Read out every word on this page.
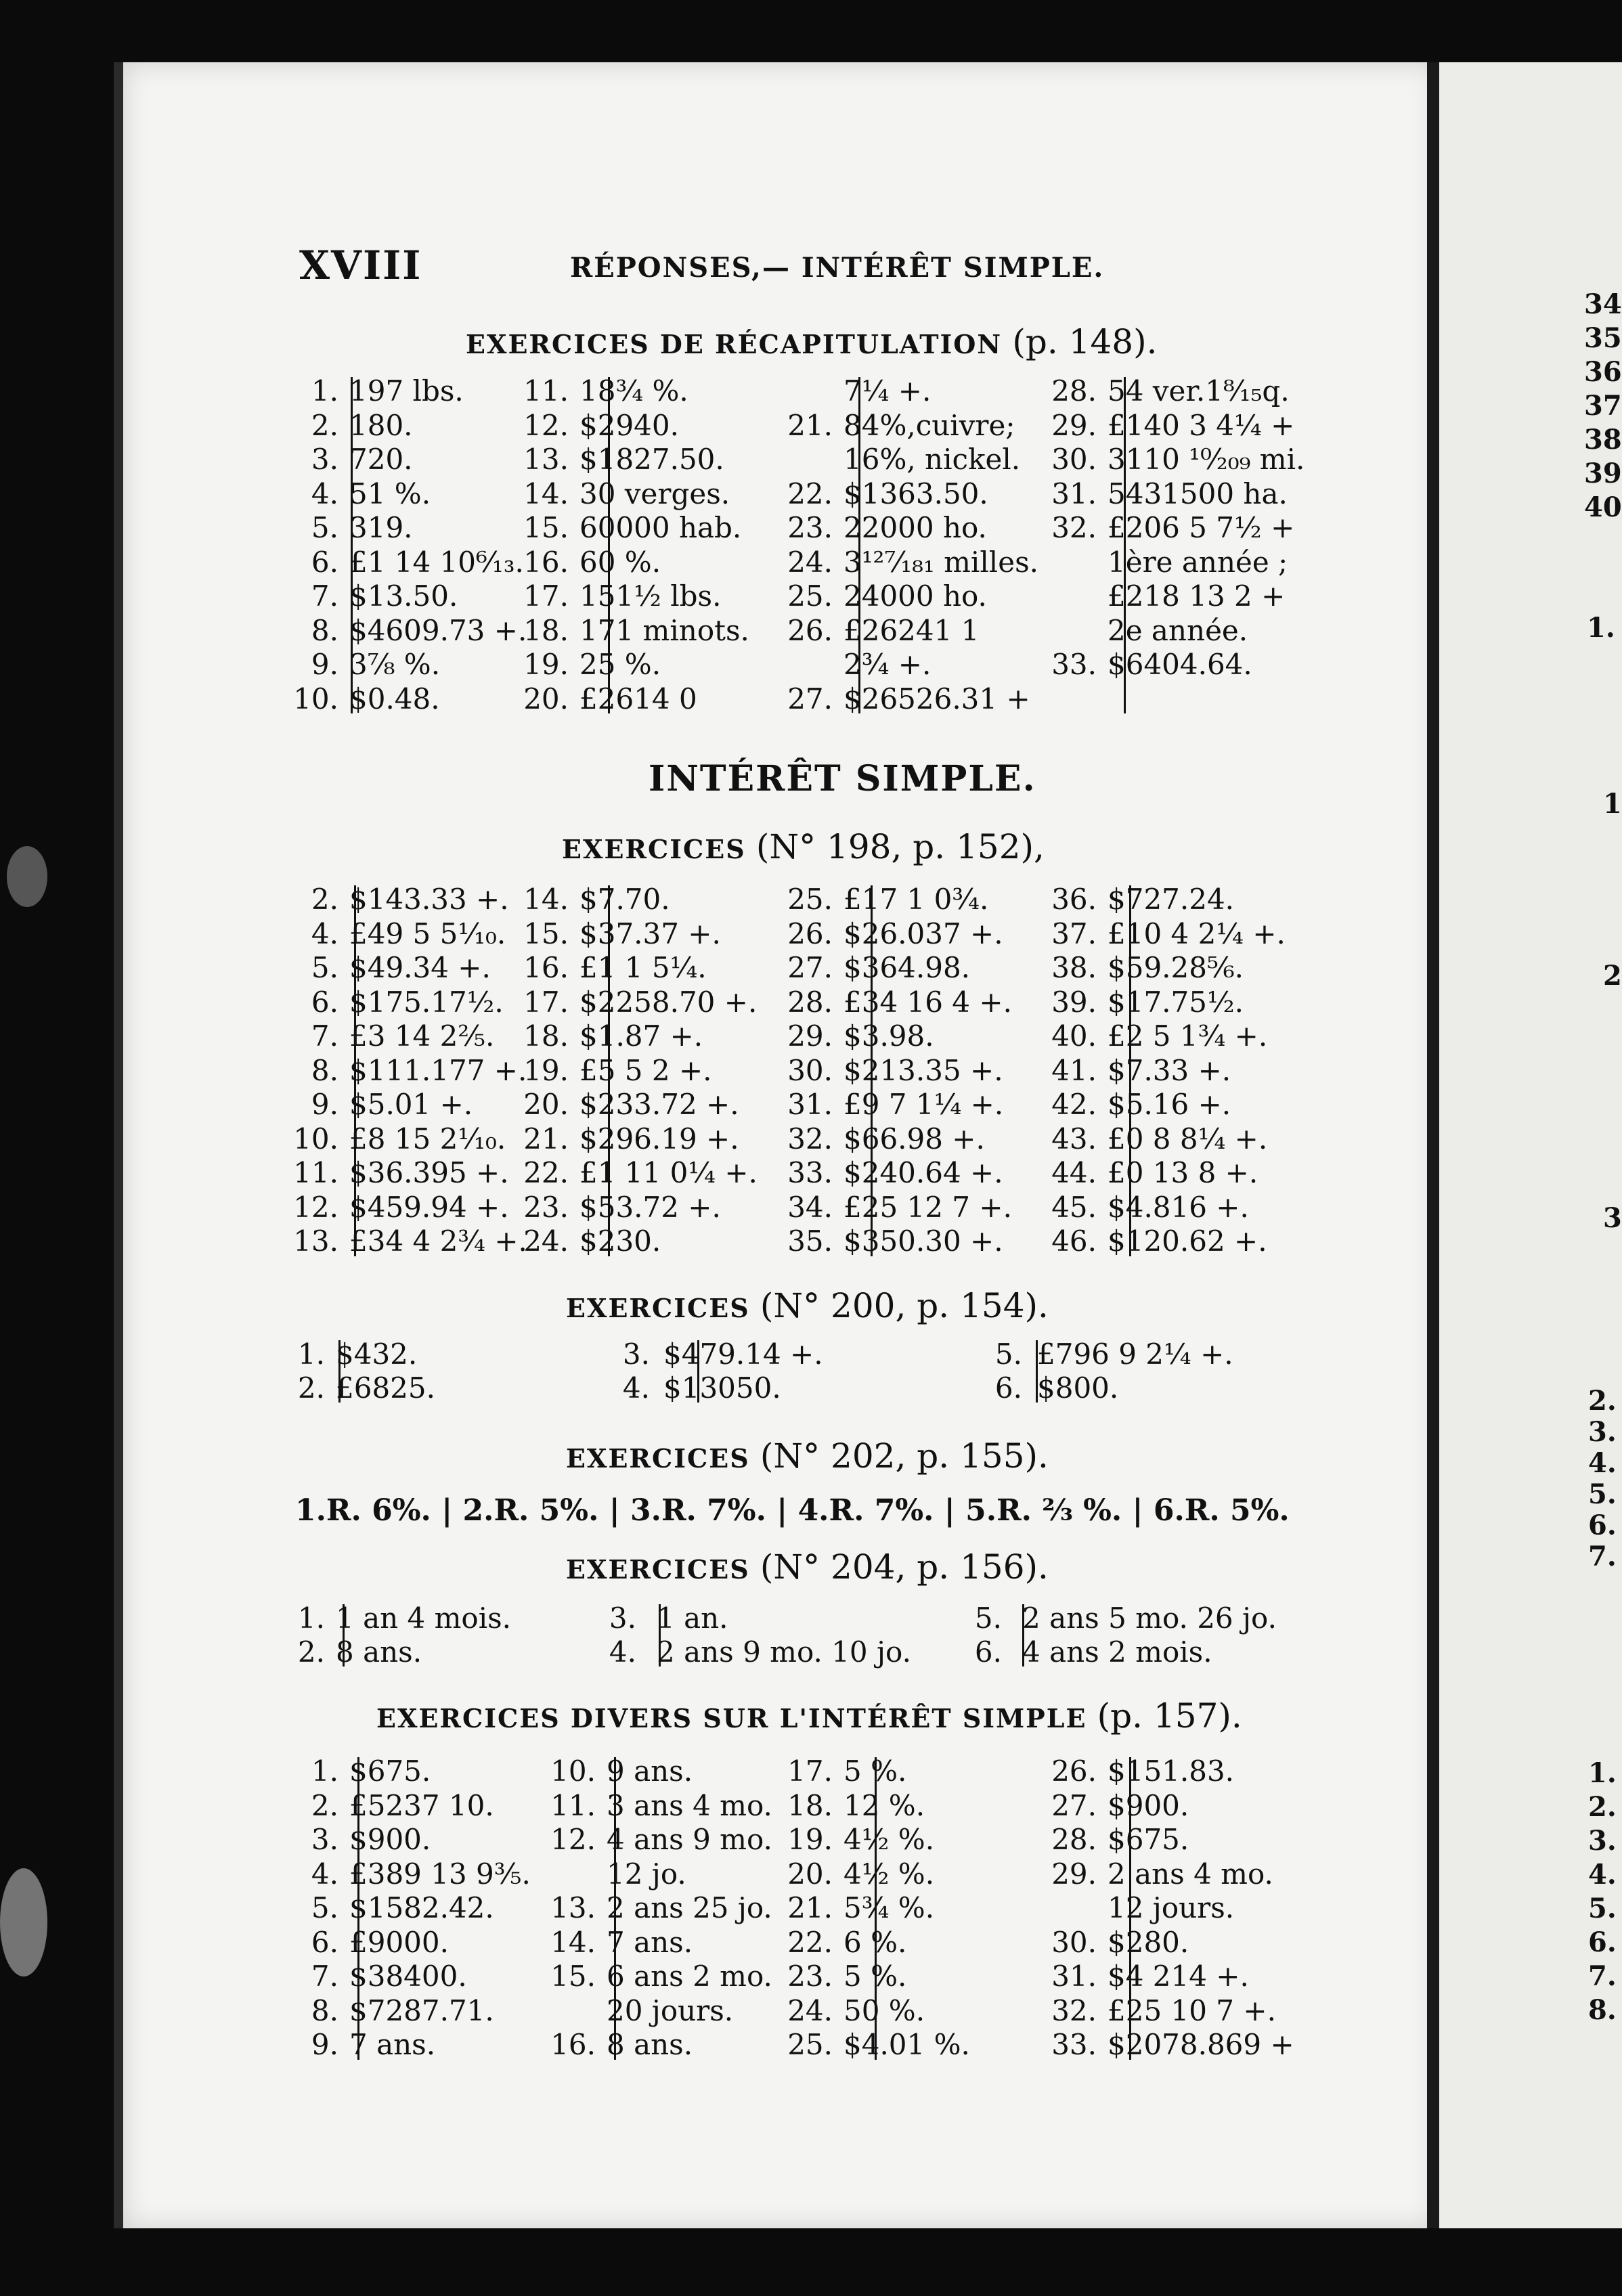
XVIII	RÉPONSES,— INTÉRÊT SIMPLE.
EXERCICES DE RÉCAPITULATION (p. 148).
1. 197 lbs.
2. 180.
3. 720.
4. 51 %.
5. 319.
6. £1 14 10⁶⁄₁₃.
7. $13.50.
8. $4609.73 +.
9. 3⅞ %.
10. $0.48.
11. 18¾ %.
12. $2940.
13. $1827.50.
14. 30 verges.
15. 60000 hab.
16. 60 %.
17. 151½ lbs.
18. 171 minots.
19. 25 %.
20. £2614 0
7¼ +.
21. 84%,cuivre;
16%, nickel.
22. $1363.50.
23. 22000 ho.
24. 3¹²⁷⁄₁₈₁ milles.
25. 24000 ho.
26. £26241 1
2¾ +.
27. $26526.31 +
28. 54 ver.1⁸⁄₁₅q.
29. £140 3 4¼ +
30. 3110 ¹⁰⁄₂₀₉ mi.
31. 5431500 ha.
32. £206 5 7½ +
1ère année ;
£218 13 2 +
2e année.
33. $6404.64.
INTÉRÊT SIMPLE.
EXERCICES (N° 198, p. 152),
2. $143.33 +.
4. £49 5 5¹⁄₁₀.
5. $49.34 +.
6. $175.17½.
7. £3 14 2⅖.
8. $111.177 +.
9. $5.01 +.
10. £8 15 2¹⁄₁₀.
11. $36.395 +.
12. $459.94 +.
13. £34 4 2¾ +.
14. $7.70.
15. $37.37 +.
16. £1 1 5¼.
17. $2258.70 +.
18. $1.87 +.
19. £5 5 2 +.
20. $233.72 +.
21. $296.19 +.
22. £1 11 0¼ +.
23. $53.72 +.
24. $230.
25. £17 1 0¾.
26. $26.037 +.
27. $364.98.
28. £34 16 4 +.
29. $3.98.
30. $213.35 +.
31. £9 7 1¼ +.
32. $66.98 +.
33. $240.64 +.
34. £25 12 7 +.
35. $350.30 +.
36. $727.24.
37. £10 4 2¼ +.
38. $59.28⅚.
39. $17.75½.
40. £2 5 1¾ +.
41. $7.33 +.
42. $5.16 +.
43. £0 8 8¼ +.
44. £0 13 8 +.
45. $4.816 +.
46. $120.62 +.
EXERCICES (N° 200, p. 154).
1. $432.
2. £6825.
3. $479.14 +.
4. $13050.
5. £796 9 2¼ +.
6. $800.
EXERCICES (N° 202, p. 155).
1.R. 6%. | 2.R. 5%. | 3.R. 7%. | 4.R. 7%. | 5.R. ⅔ %. | 6.R. 5%.
EXERCICES (N° 204, p. 156).
1. 1 an 4 mois.
2. 8 ans.
3. 1 an.
4. 2 ans 9 mo. 10 jo.
5. 2 ans 5 mo. 26 jo.
6. 4 ans 2 mois.
EXERCICES DIVERS SUR L'INTÉRÊT SIMPLE (p. 157).
1. $675.
2. £5237 10.
3. $900.
4. £389 13 9⅗.
5. $1582.42.
6. £9000.
7. $38400.
8. $7287.71.
9. 7 ans.
10. 9 ans.
11. 3 ans 4 mo.
12. 4 ans 9 mo.
12 jo.
13. 2 ans 25 jo.
14. 7 ans.
15. 6 ans 2 mo.
20 jours.
16. 8 ans.
17. 5 %.
18. 12 %.
19. 4½ %.
20. 4½ %.
21. 5¾ %.
22. 6 %.
23. 5 %.
24. 50 %.
25. $4.01 %.
26. $151.83.
27. $900.
28. $675.
29. 2 ans 4 mo.
12 jours.
30. $280.
31. $4 214 +.
32. £25 10 7 +.
33. $2078.869 +
34
35
36
37
38
39
40
1.
1
2
3
2.
3.
4.
5.
6.
7.
1.
2.
3.
4.
5.
6.
7.
8.
